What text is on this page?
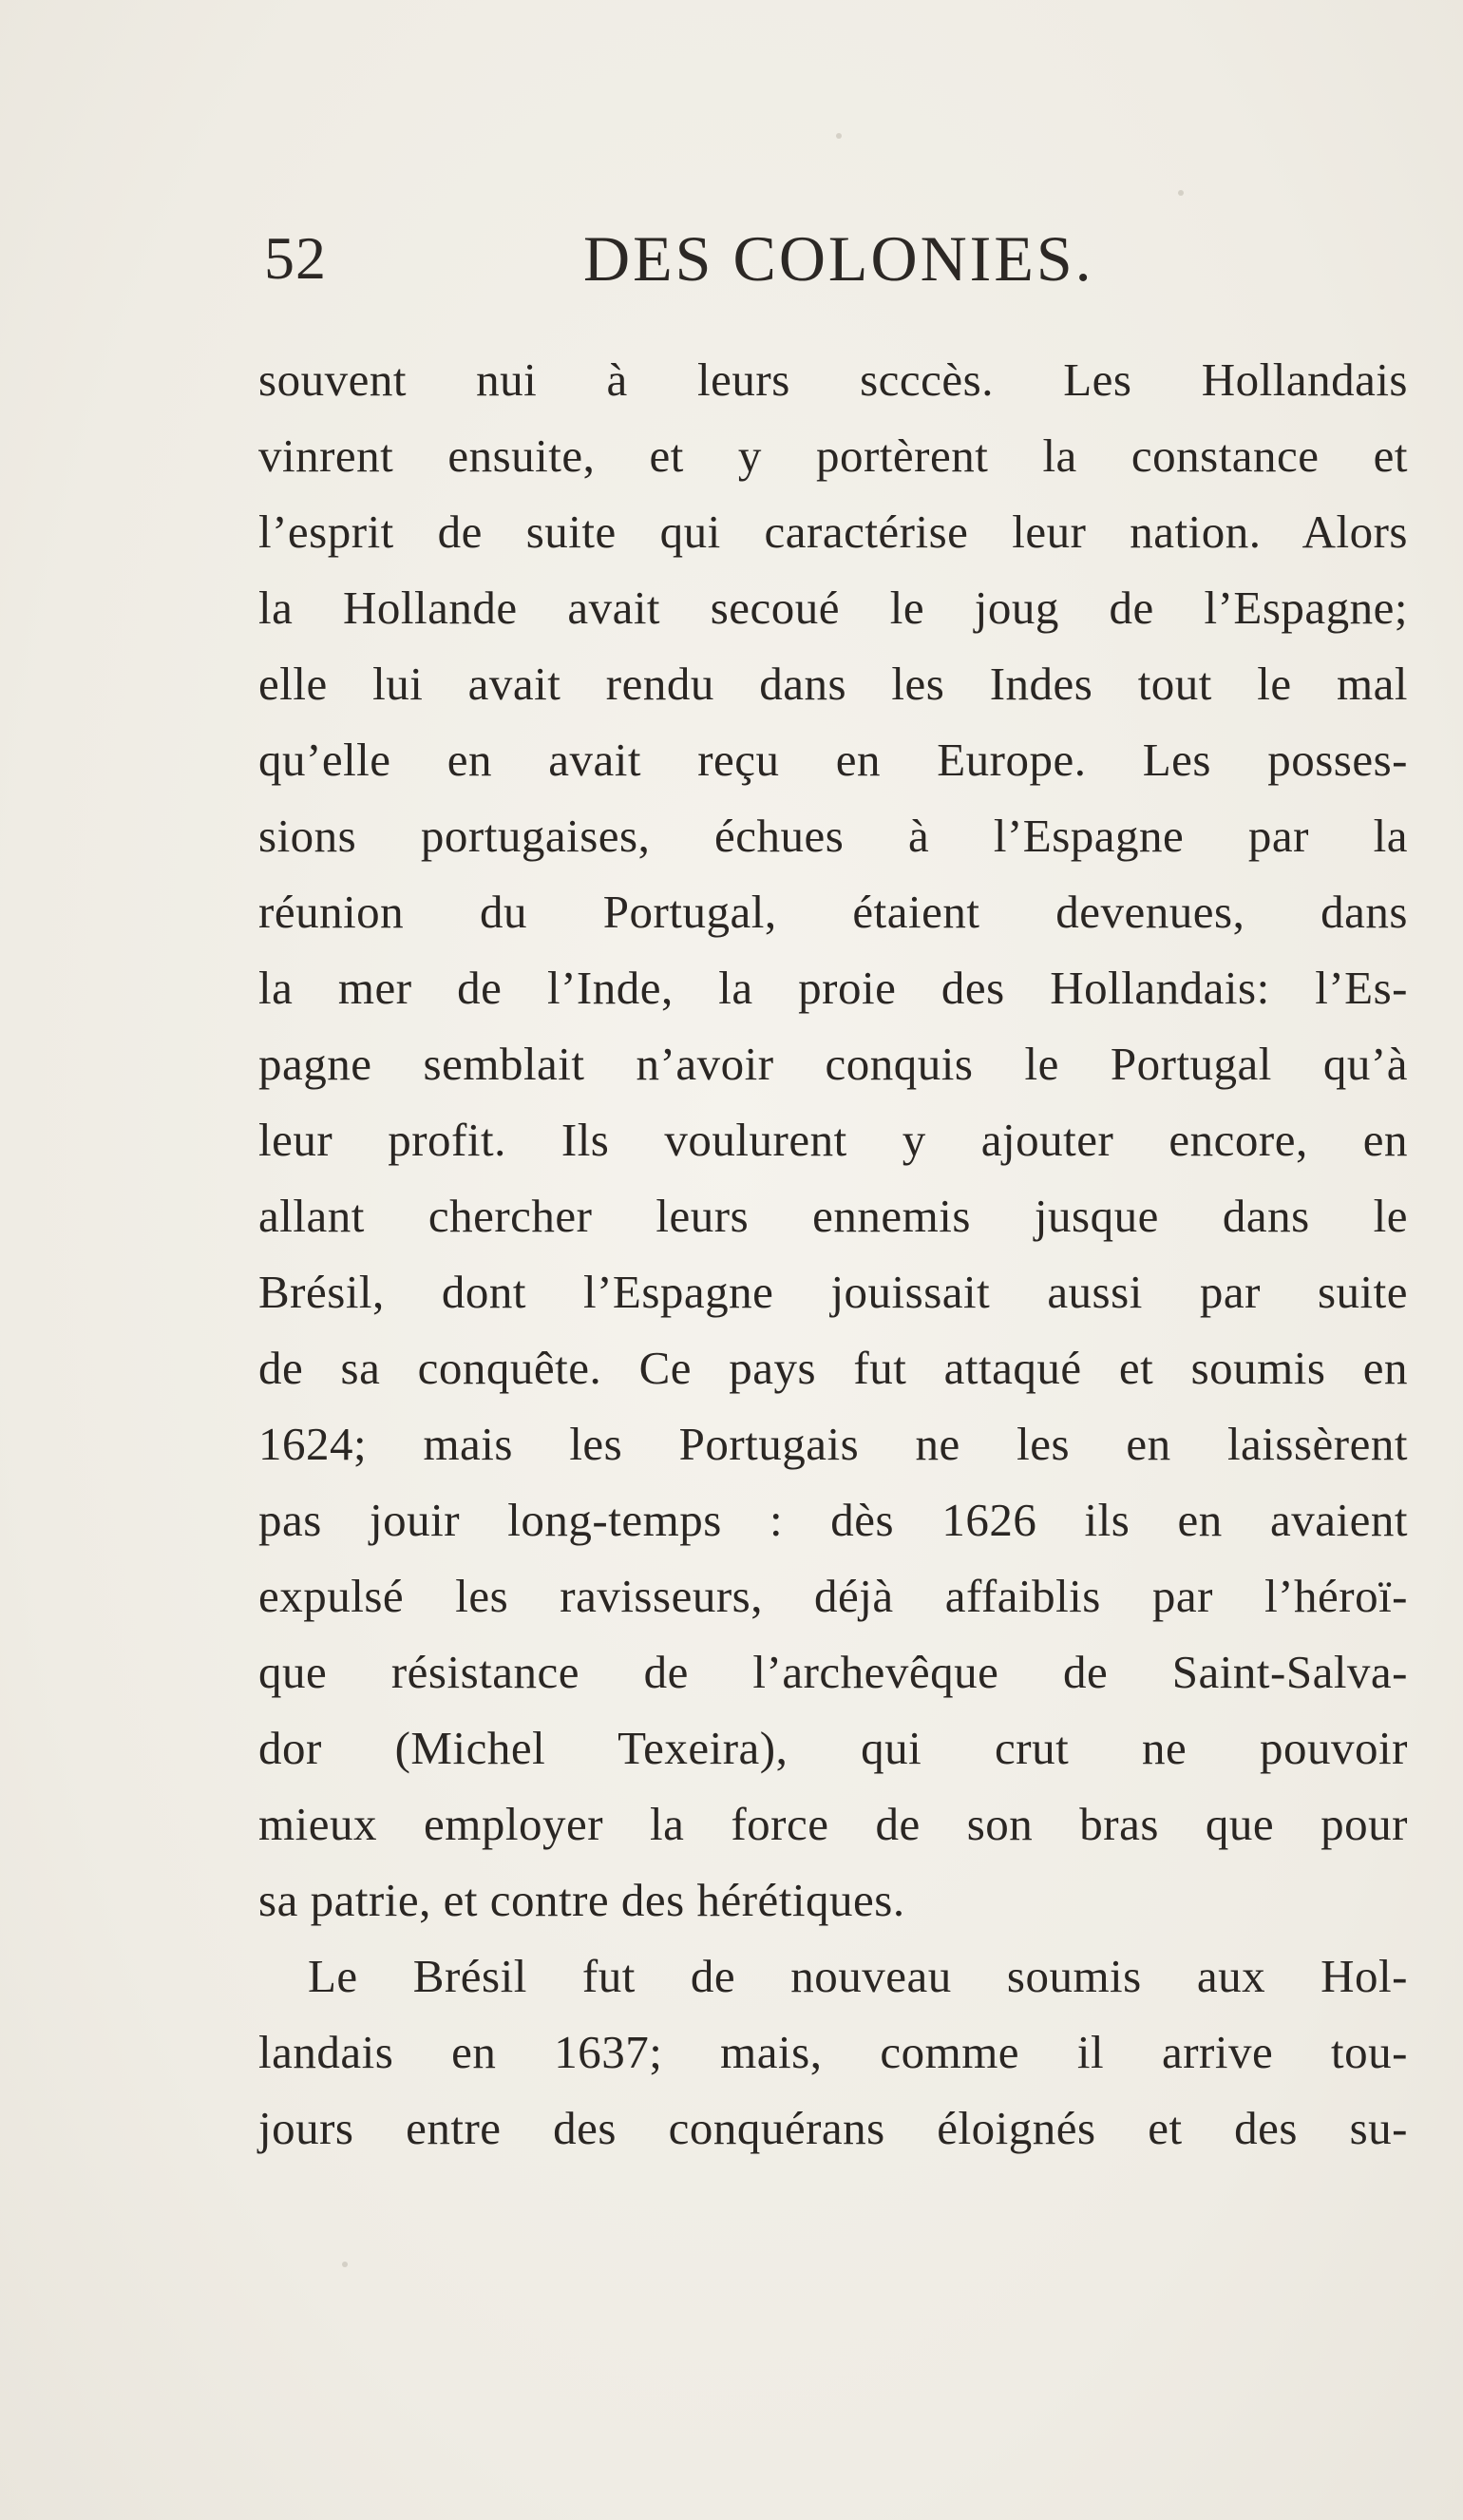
52	DES COLONIES.
souvent nui à leurs scccès. Les Hollandais
vinrent ensuite, et y portèrent la constance et
l’esprit de suite qui caractérise leur nation. Alors
la Hollande avait secoué le joug de l’Espagne;
elle lui avait rendu dans les Indes tout le mal
qu’elle en avait reçu en Europe. Les posses-
sions portugaises, échues à l’Espagne par la
réunion du Portugal, étaient devenues, dans
la mer de l’Inde, la proie des Hollandais: l’Es-
pagne semblait n’avoir conquis le Portugal qu’à
leur profit. Ils voulurent y ajouter encore, en
allant chercher leurs ennemis jusque dans le
Brésil, dont l’Espagne jouissait aussi par suite
de sa conquête. Ce pays fut attaqué et soumis en
1624; mais les Portugais ne les en laissèrent
pas jouir long-temps : dès 1626 ils en avaient
expulsé les ravisseurs, déjà affaiblis par l’héroï-
que résistance de l’archevêque de Saint-Salva-
dor (Michel Texeira), qui crut ne pouvoir
mieux employer la force de son bras que pour
sa patrie, et contre des hérétiques.
Le Brésil fut de nouveau soumis aux Hol-
landais en 1637; mais, comme il arrive tou-
jours entre des conquérans éloignés et des su-
